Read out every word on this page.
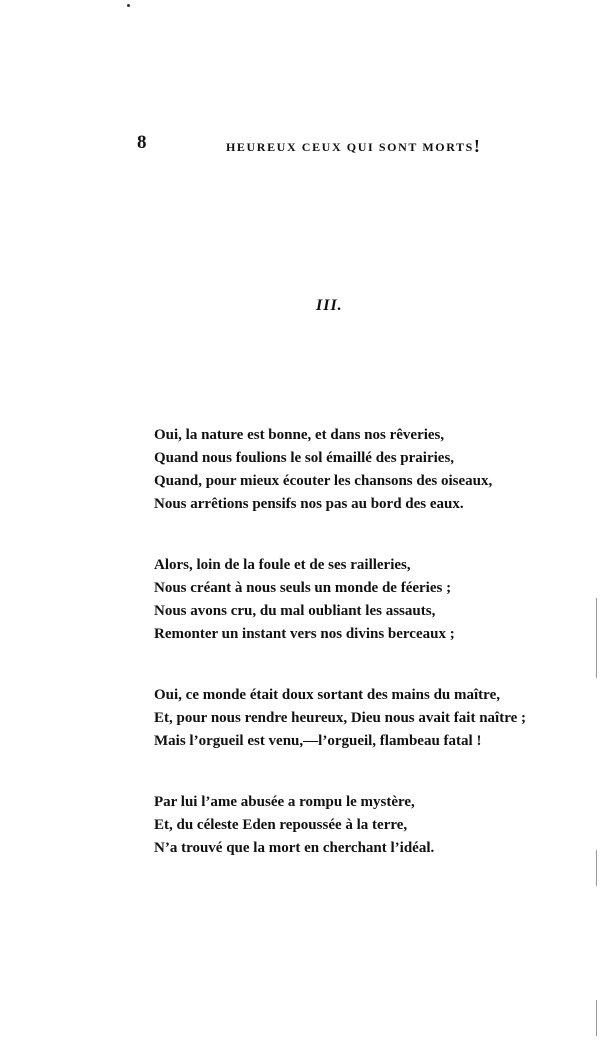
8	HEUREUX CEUX QUI SONT MORTS!
III.
Oui, la nature est bonne, et dans nos rêveries,
Quand nous foulions le sol émaillé des prairies,
Quand, pour mieux écouter les chansons des oiseaux,
Nous arrêtions pensifs nos pas au bord des eaux.
Alors, loin de la foule et de ses railleries,
Nous créant à nous seuls un monde de féeries ;
Nous avons cru, du mal oubliant les assauts,
Remonter un instant vers nos divins berceaux ;
Oui, ce monde était doux sortant des mains du maître,
Et, pour nous rendre heureux, Dieu nous avait fait naître ;
Mais l’orgueil est venu,—l’orgueil, flambeau fatal !
Par lui l’ame abusée a rompu le mystère,
Et, du céleste Eden repoussée à la terre,
N’a trouvé que la mort en cherchant l’idéal.
